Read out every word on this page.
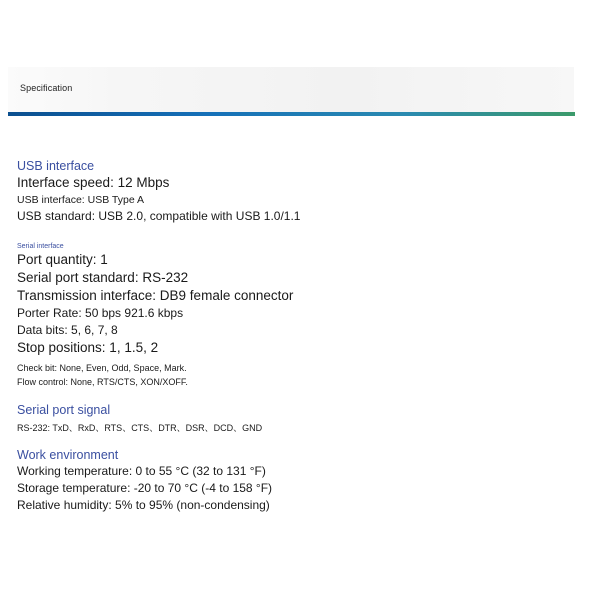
Specification

USB interface

Interface speed: 12 Mbps

USB interface: USB Type A

USB standard: USB 2.0, compatible with USB 1.0/1.1

Serial interface

Port quantity: 1

Serial port standard: RS-232

Transmission interface: DB9 female connector

Porter Rate: 50 bps 921.6 kbps

Data bits: 5, 6, 7, 8

Stop positions: 1, 1.5, 2

Check bit: None, Even, Odd, Space, Mark.

Flow control: None, RTS/CTS, XON/XOFF.

Serial port signal

RS-232: TxD、RxD、RTS、CTS、DTR、DSR、DCD、GND

Work environment

Working temperature: 0 to 55 °C (32 to 131 °F)

Storage temperature: -20 to 70 °C (-4 to 158 °F)

Relative humidity: 5% to 95% (non-condensing)
